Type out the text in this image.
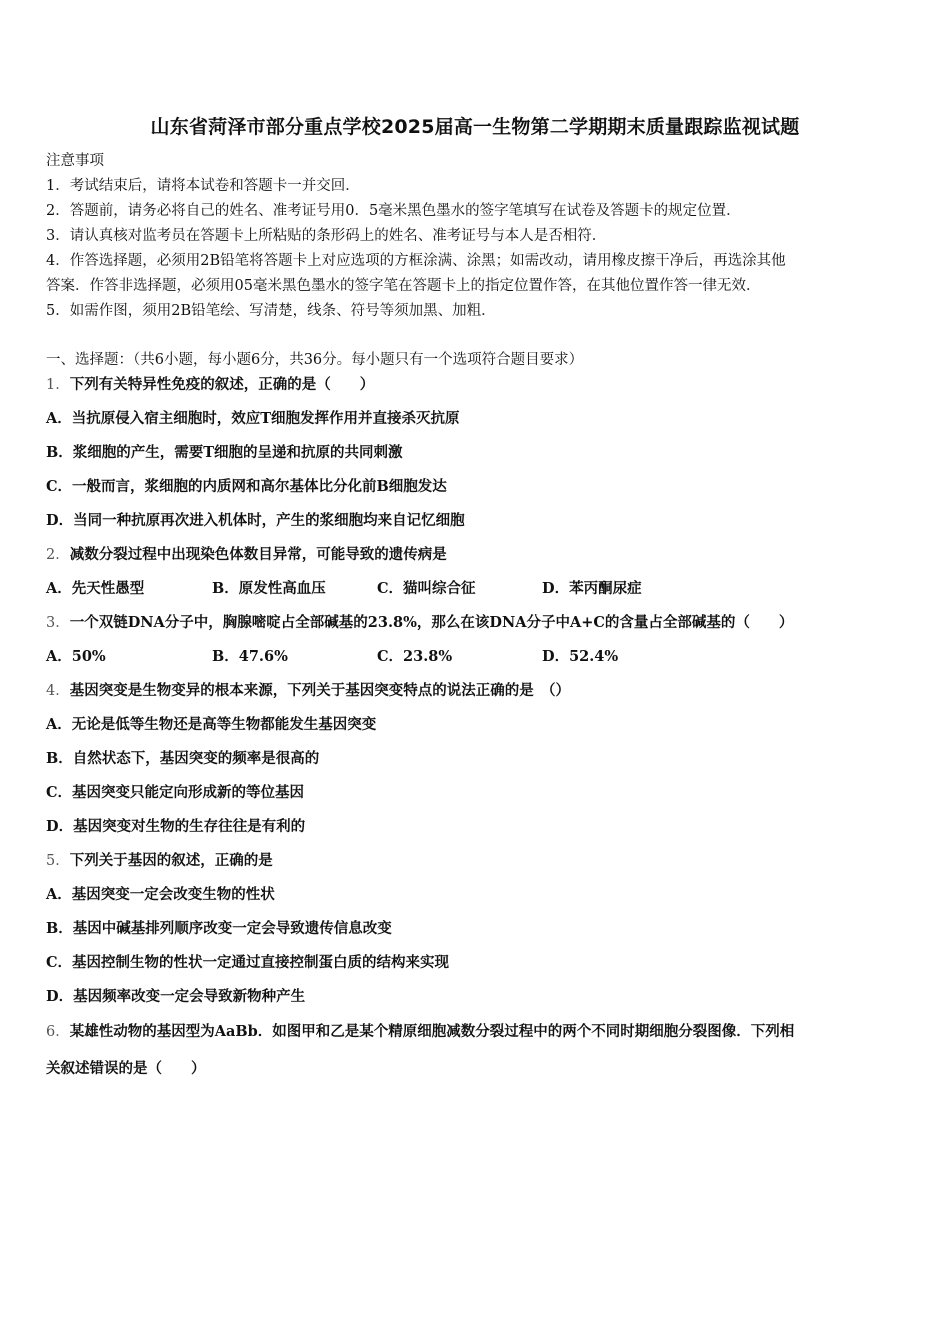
山东省菏泽市部分重点学校2025届高一生物第二学期期末质量跟踪监视试题
注意事项
1．考试结束后，请将本试卷和答题卡一并交回．
2．答题前，请务必将自己的姓名、准考证号用0．5毫米黑色墨水的签字笔填写在试卷及答题卡的规定位置．
3．请认真核对监考员在答题卡上所粘贴的条形码上的姓名、准考证号与本人是否相符．
4．作答选择题，必须用2B铅笔将答题卡上对应选项的方框涂满、涂黑；如需改动，请用橡皮擦干净后，再选涂其他
答案．作答非选择题，必须用05毫米黑色墨水的签字笔在答题卡上的指定位置作答，在其他位置作答一律无效．
5．如需作图，须用2B铅笔绘、写清楚，线条、符号等须加黑、加粗．
一、选择题：（共6小题，每小题6分，共36分。每小题只有一个选项符合题目要求）
1．下列有关特异性免疫的叙述，正确的是（　　）
A．当抗原侵入宿主细胞时，效应T细胞发挥作用并直接杀灭抗原
B．浆细胞的产生，需要T细胞的呈递和抗原的共同刺激
C．一般而言，浆细胞的内质网和高尔基体比分化前B细胞发达
D．当同一种抗原再次进入机体时，产生的浆细胞均来自记忆细胞
2．减数分裂过程中出现染色体数目异常，可能导致的遗传病是
A．先天性愚型	B．原发性高血压	C．猫叫综合征	D．苯丙酮尿症
3．一个双链DNA分子中，胸腺嘧啶占全部碱基的23.8%，那么在该DNA分子中A+C的含量占全部碱基的（　　）
A．50%	B．47.6%	C．23.8%	D．52.4%
4．基因突变是生物变异的根本来源，下列关于基因突变特点的说法正确的是　（）
A．无论是低等生物还是高等生物都能发生基因突变
B．自然状态下，基因突变的频率是很高的
C．基因突变只能定向形成新的等位基因
D．基因突变对生物的生存往往是有利的
5．下列关于基因的叙述，正确的是
A．基因突变一定会改变生物的性状
B．基因中碱基排列顺序改变一定会导致遗传信息改变
C．基因控制生物的性状一定通过直接控制蛋白质的结构来实现
D．基因频率改变一定会导致新物种产生
6．某雄性动物的基因型为AaBb．如图甲和乙是某个精原细胞减数分裂过程中的两个不同时期细胞分裂图像．下列相
关叙述错误的是（　　）
